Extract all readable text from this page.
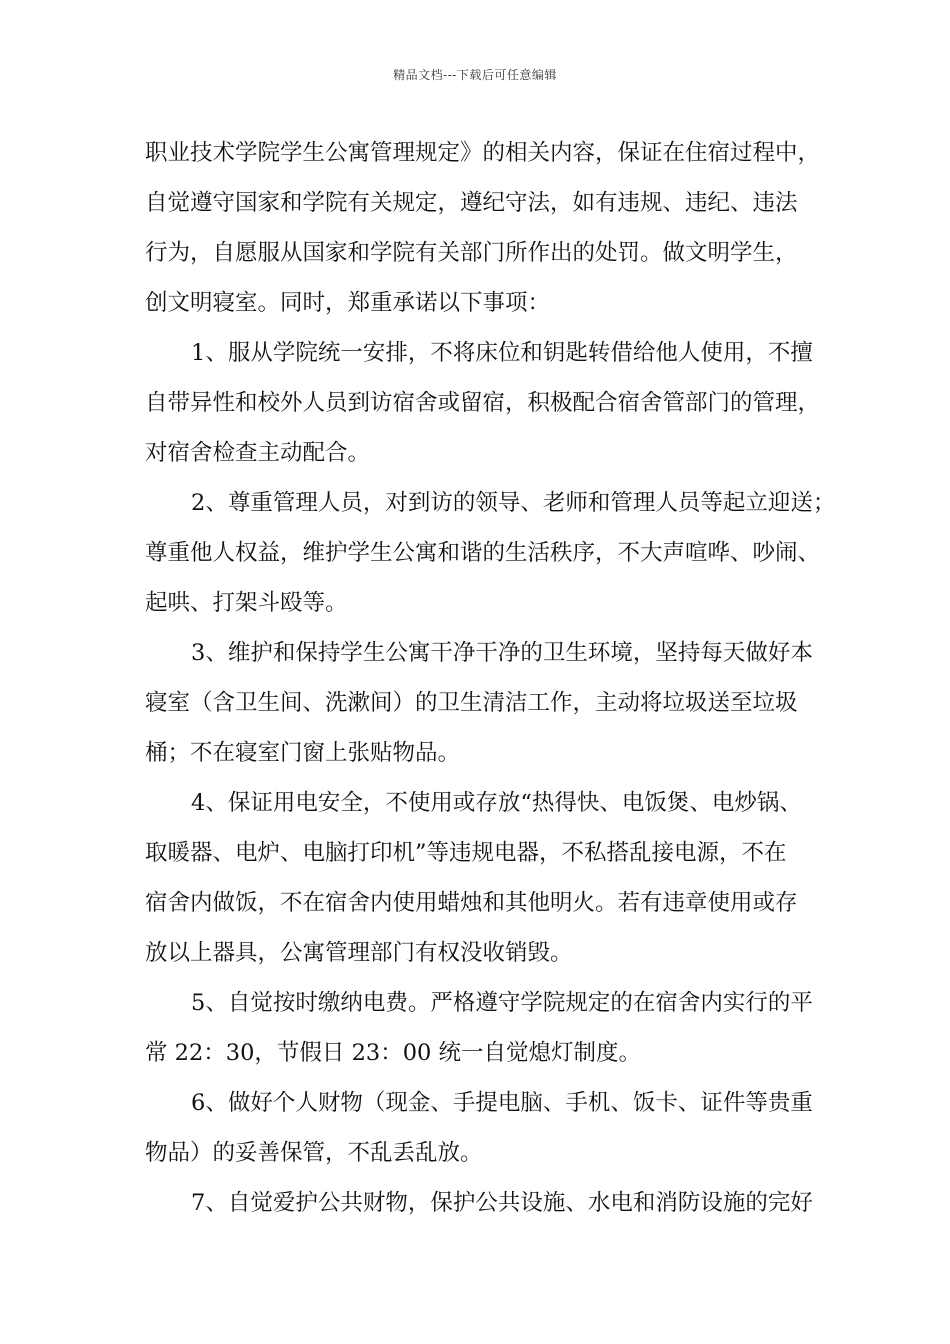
精品文档---下载后可任意编辑
职业技术学院学生公寓管理规定》的相关内容，保证在住宿过程中，
自觉遵守国家和学院有关规定，遵纪守法，如有违规、违纪、违法
行为，自愿服从国家和学院有关部门所作出的处罚。做文明学生，
创文明寝室。同时，郑重承诺以下事项：
1、服从学院统一安排，不将床位和钥匙转借给他人使用，不擅
自带异性和校外人员到访宿舍或留宿，积极配合宿舍管部门的管理，
对宿舍检查主动配合。
2、尊重管理人员，对到访的领导、老师和管理人员等起立迎送；
尊重他人权益，维护学生公寓和谐的生活秩序，不大声喧哗、吵闹、
起哄、打架斗殴等。
3、维护和保持学生公寓干净干净的卫生环境，坚持每天做好本
寝室（含卫生间、洗漱间）的卫生清洁工作，主动将垃圾送至垃圾
桶；不在寝室门窗上张贴物品。
4、保证用电安全，不使用或存放“热得快、电饭煲、电炒锅、
取暖器、电炉、电脑打印机”等违规电器，不私搭乱接电源，不在
宿舍内做饭，不在宿舍内使用蜡烛和其他明火。若有违章使用或存
放以上器具，公寓管理部门有权没收销毁。
5、自觉按时缴纳电费。严格遵守学院规定的在宿舍内实行的平
常 22：30，节假日 23：00 统一自觉熄灯制度。
6、做好个人财物（现金、手提电脑、手机、饭卡、证件等贵重
物品）的妥善保管，不乱丢乱放。
7、自觉爱护公共财物，保护公共设施、水电和消防设施的完好
